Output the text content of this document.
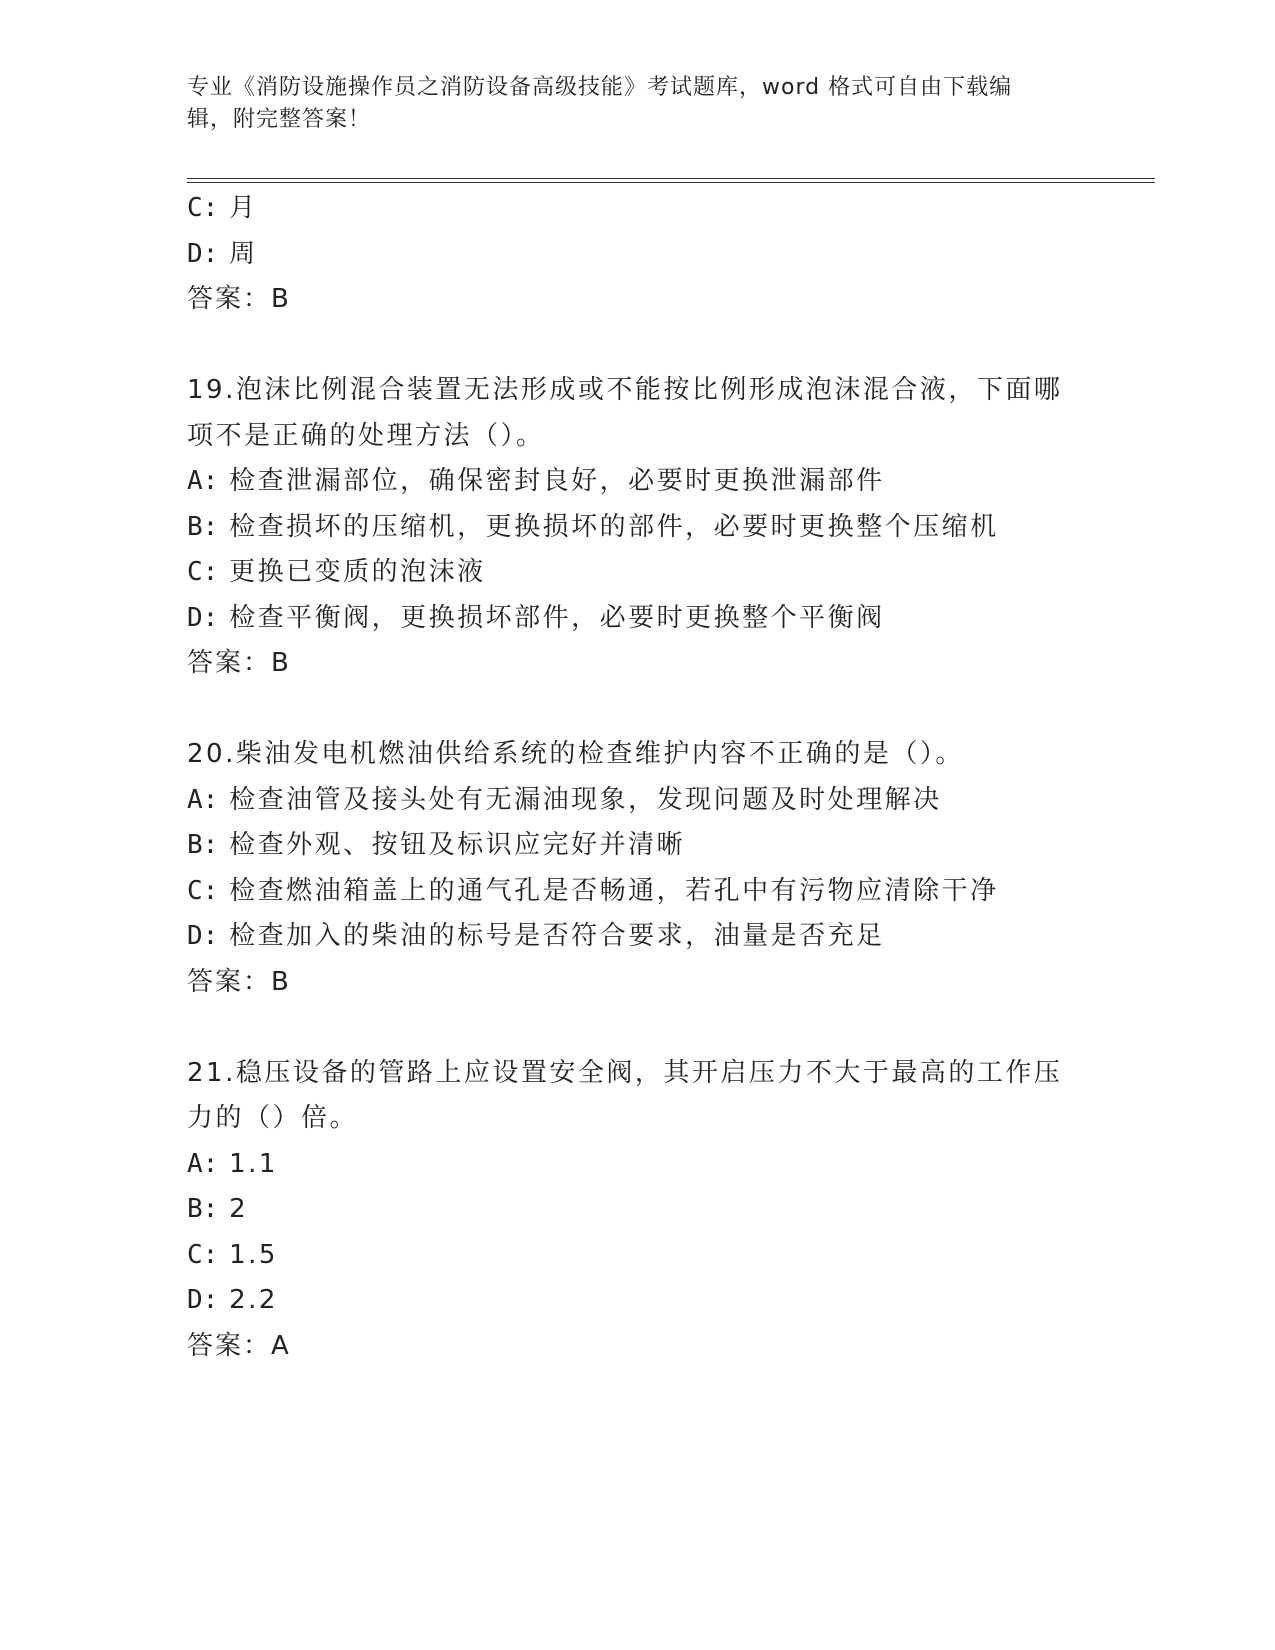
专业《消防设施操作员之消防设备高级技能》考试题库，word 格式可自由下载编
辑，附完整答案！
C: 月
D: 周
答案：B
19.泡沫比例混合装置无法形成或不能按比例形成泡沫混合液，下面哪
项不是正确的处理方法（）。
A: 检查泄漏部位，确保密封良好，必要时更换泄漏部件
B: 检查损坏的压缩机，更换损坏的部件，必要时更换整个压缩机
C: 更换已变质的泡沫液
D: 检查平衡阀，更换损坏部件，必要时更换整个平衡阀
答案：B
20.柴油发电机燃油供给系统的检查维护内容不正确的是（）。
A: 检查油管及接头处有无漏油现象，发现问题及时处理解决
B: 检查外观、按钮及标识应完好并清晰
C: 检查燃油箱盖上的通气孔是否畅通，若孔中有污物应清除干净
D: 检查加入的柴油的标号是否符合要求，油量是否充足
答案：B
21.稳压设备的管路上应设置安全阀，其开启压力不大于最高的工作压
力的（）倍。
A: 1.1
B: 2
C: 1.5
D: 2.2
答案：A
